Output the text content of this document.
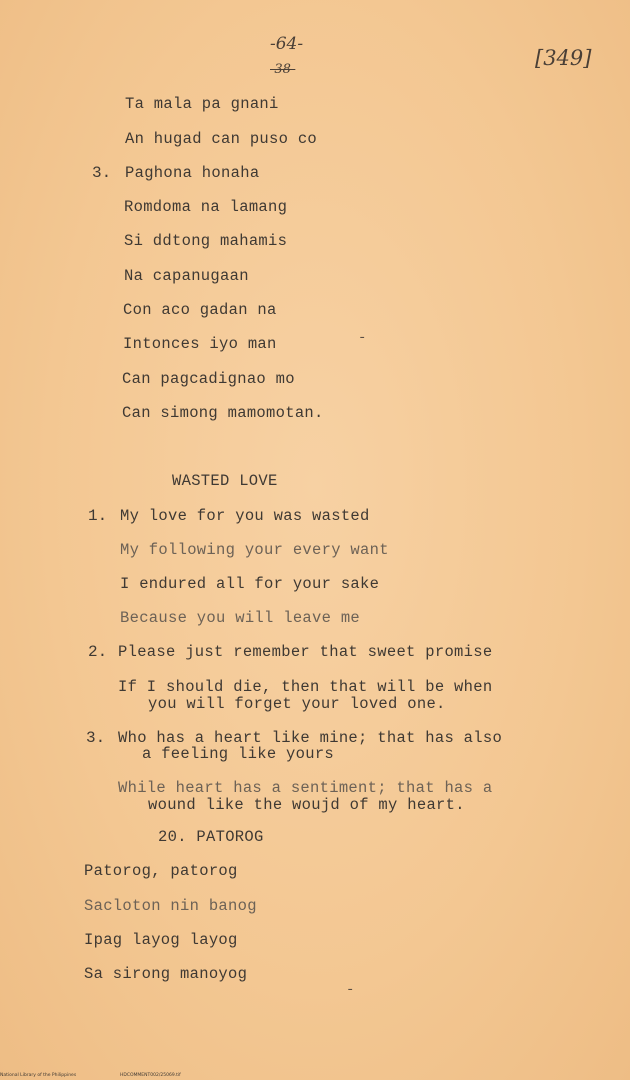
-64-
-38-	[349]
Ta mala pa gnani
An hugad can puso co
3. Paghona honaha
Romdoma na lamang
Si ddtong mahamis
Na capanugaan
Con aco gadan na
Intonces iyo man
Can pagcadignao mo
Can simong mamomotan.
WASTED LOVE
1. My love for you was wasted
My following your every want
I endured all for your sake
Because you will leave me
2. Please just remember that sweet promise
If I should die, then that will be when
you will forget your loved one.
3. Who has a heart like mine; that has also
a feeling like yours
While heart has a sentiment; that has a
wound like the woujd of my heart.
20. PATOROG
Patorog, patorog
Sacloton nin banog
Ipag layog layog
Sa sirong manoyog
-
-
National Library of the Philippines	HDCOMMENT002/25069.tif
